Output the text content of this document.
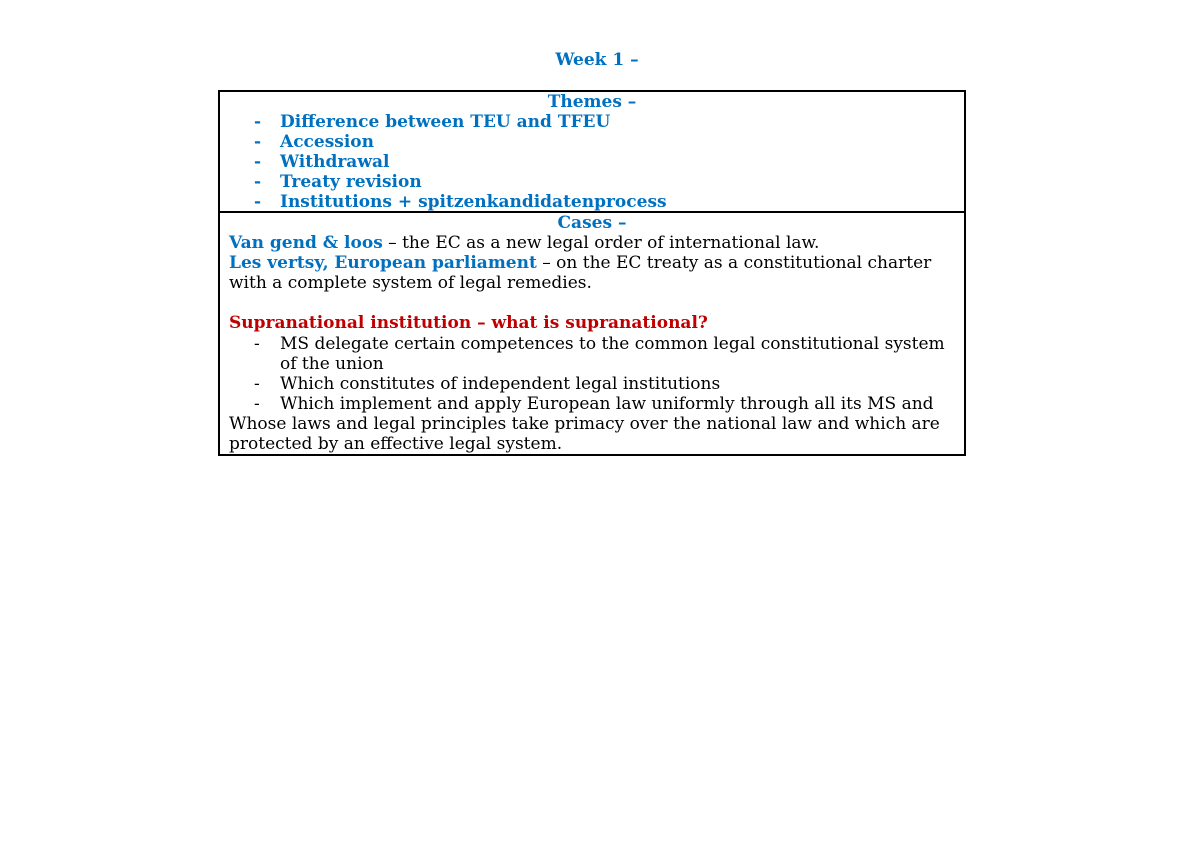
Week 1 –
Themes –
- Difference between TEU and TFEU
- Accession
- Withdrawal
- Treaty revision
- Institutions + spitzenkandidatenprocess
Cases –
Van gend & loos – the EC as a new legal order of international law.
Les vertsy, European parliament – on the EC treaty as a constitutional charter with a complete system of legal remedies.
Supranational institution – what is supranational?
- MS delegate certain competences to the common legal constitutional system of the union
- Which constitutes of independent legal institutions
- Which implement and apply European law uniformly through all its MS and
Whose laws and legal principles take primacy over the national law and which are protected by an effective legal system.
